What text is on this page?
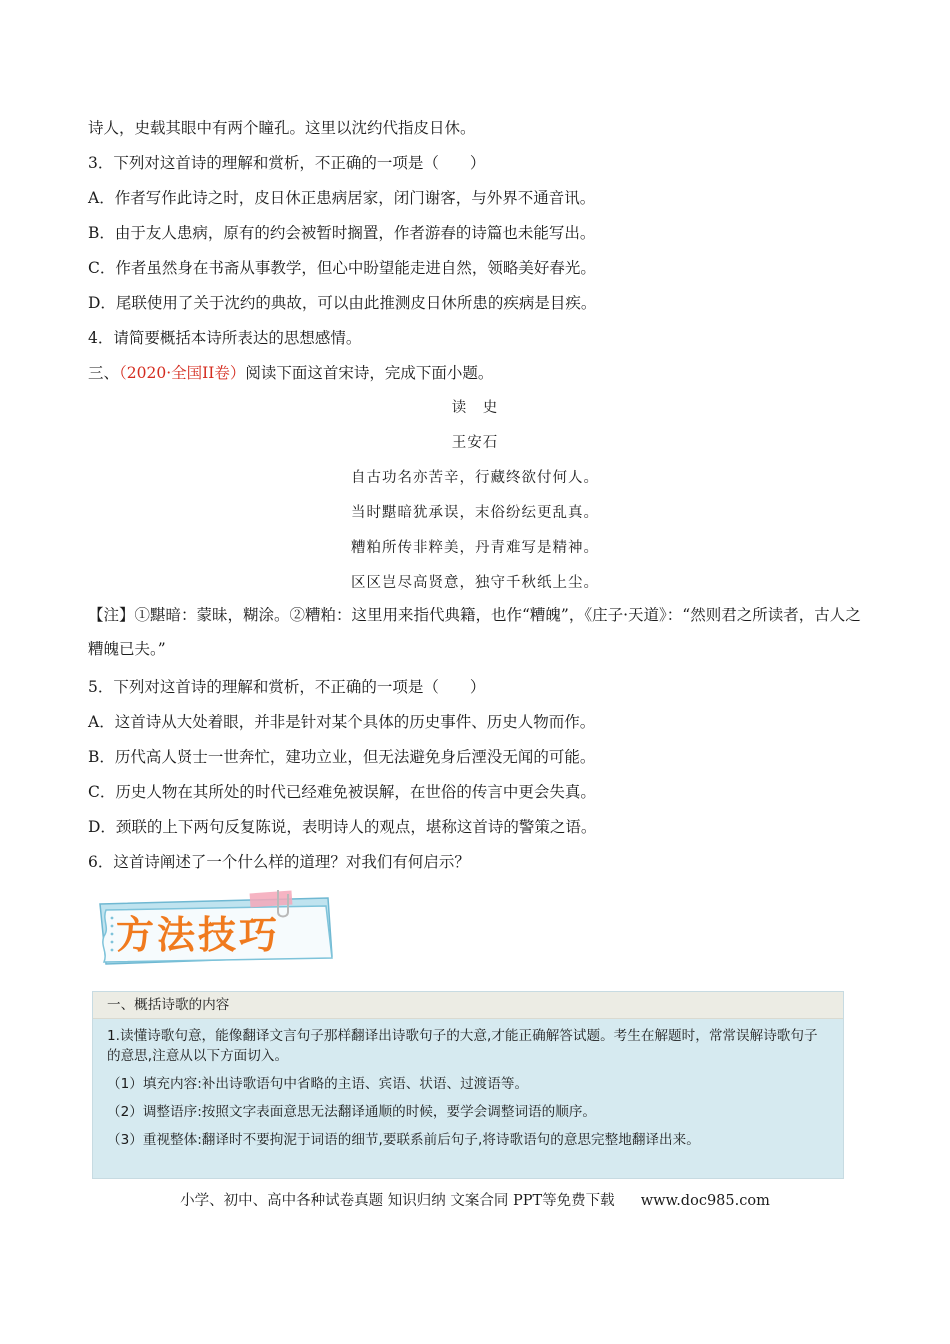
诗人，史载其眼中有两个瞳孔。这里以沈约代指皮日休。
3．下列对这首诗的理解和赏析，不正确的一项是（　　）
A．作者写作此诗之时，皮日休正患病居家，闭门谢客，与外界不通音讯。
B．由于友人患病，原有的约会被暂时搁置，作者游春的诗篇也未能写出。
C．作者虽然身在书斋从事教学，但心中盼望能走进自然，领略美好春光。
D．尾联使用了关于沈约的典故，可以由此推测皮日休所患的疾病是目疾。
4．请简要概括本诗所表达的思想感情。
三、（2020·全国II卷）阅读下面这首宋诗，完成下面小题。
读　史
王安石
自古功名亦苦辛，行藏终欲付何人。
当时黮暗犹承误，末俗纷纭更乱真。
糟粕所传非粹美，丹青难写是精神。
区区岂尽高贤意，独守千秋纸上尘。
【注】①黮暗：蒙昧，糊涂。②糟粕：这里用来指代典籍，也作“糟魄”，《庄子·天道》：“然则君之所读者，古人之糟魄已夫。”
5．下列对这首诗的理解和赏析，不正确的一项是（　　）
A．这首诗从大处着眼，并非是针对某个具体的历史事件、历史人物而作。
B．历代高人贤士一世奔忙，建功立业，但无法避免身后湮没无闻的可能。
C．历史人物在其所处的时代已经难免被误解，在世俗的传言中更会失真。
D．颈联的上下两句反复陈说，表明诗人的观点，堪称这首诗的警策之语。
6．这首诗阐述了一个什么样的道理？对我们有何启示？
方法技巧
一、概括诗歌的内容
1.读懂诗歌句意，能像翻译文言句子那样翻译出诗歌句子的大意,才能正确解答试题。考生在解题时，常常误解诗歌句子的意思,注意从以下方面切入。
（1）填充内容:补出诗歌语句中省略的主语、宾语、状语、过渡语等。
（2）调整语序:按照文字表面意思无法翻译通顺的时候，要学会调整词语的顺序。
（3）重视整体:翻译时不要拘泥于词语的细节,要联系前后句子,将诗歌语句的意思完整地翻译出来。
小学、初中、高中各种试卷真题 知识归纳 文案合同 PPT等免费下载 www.doc985.com
